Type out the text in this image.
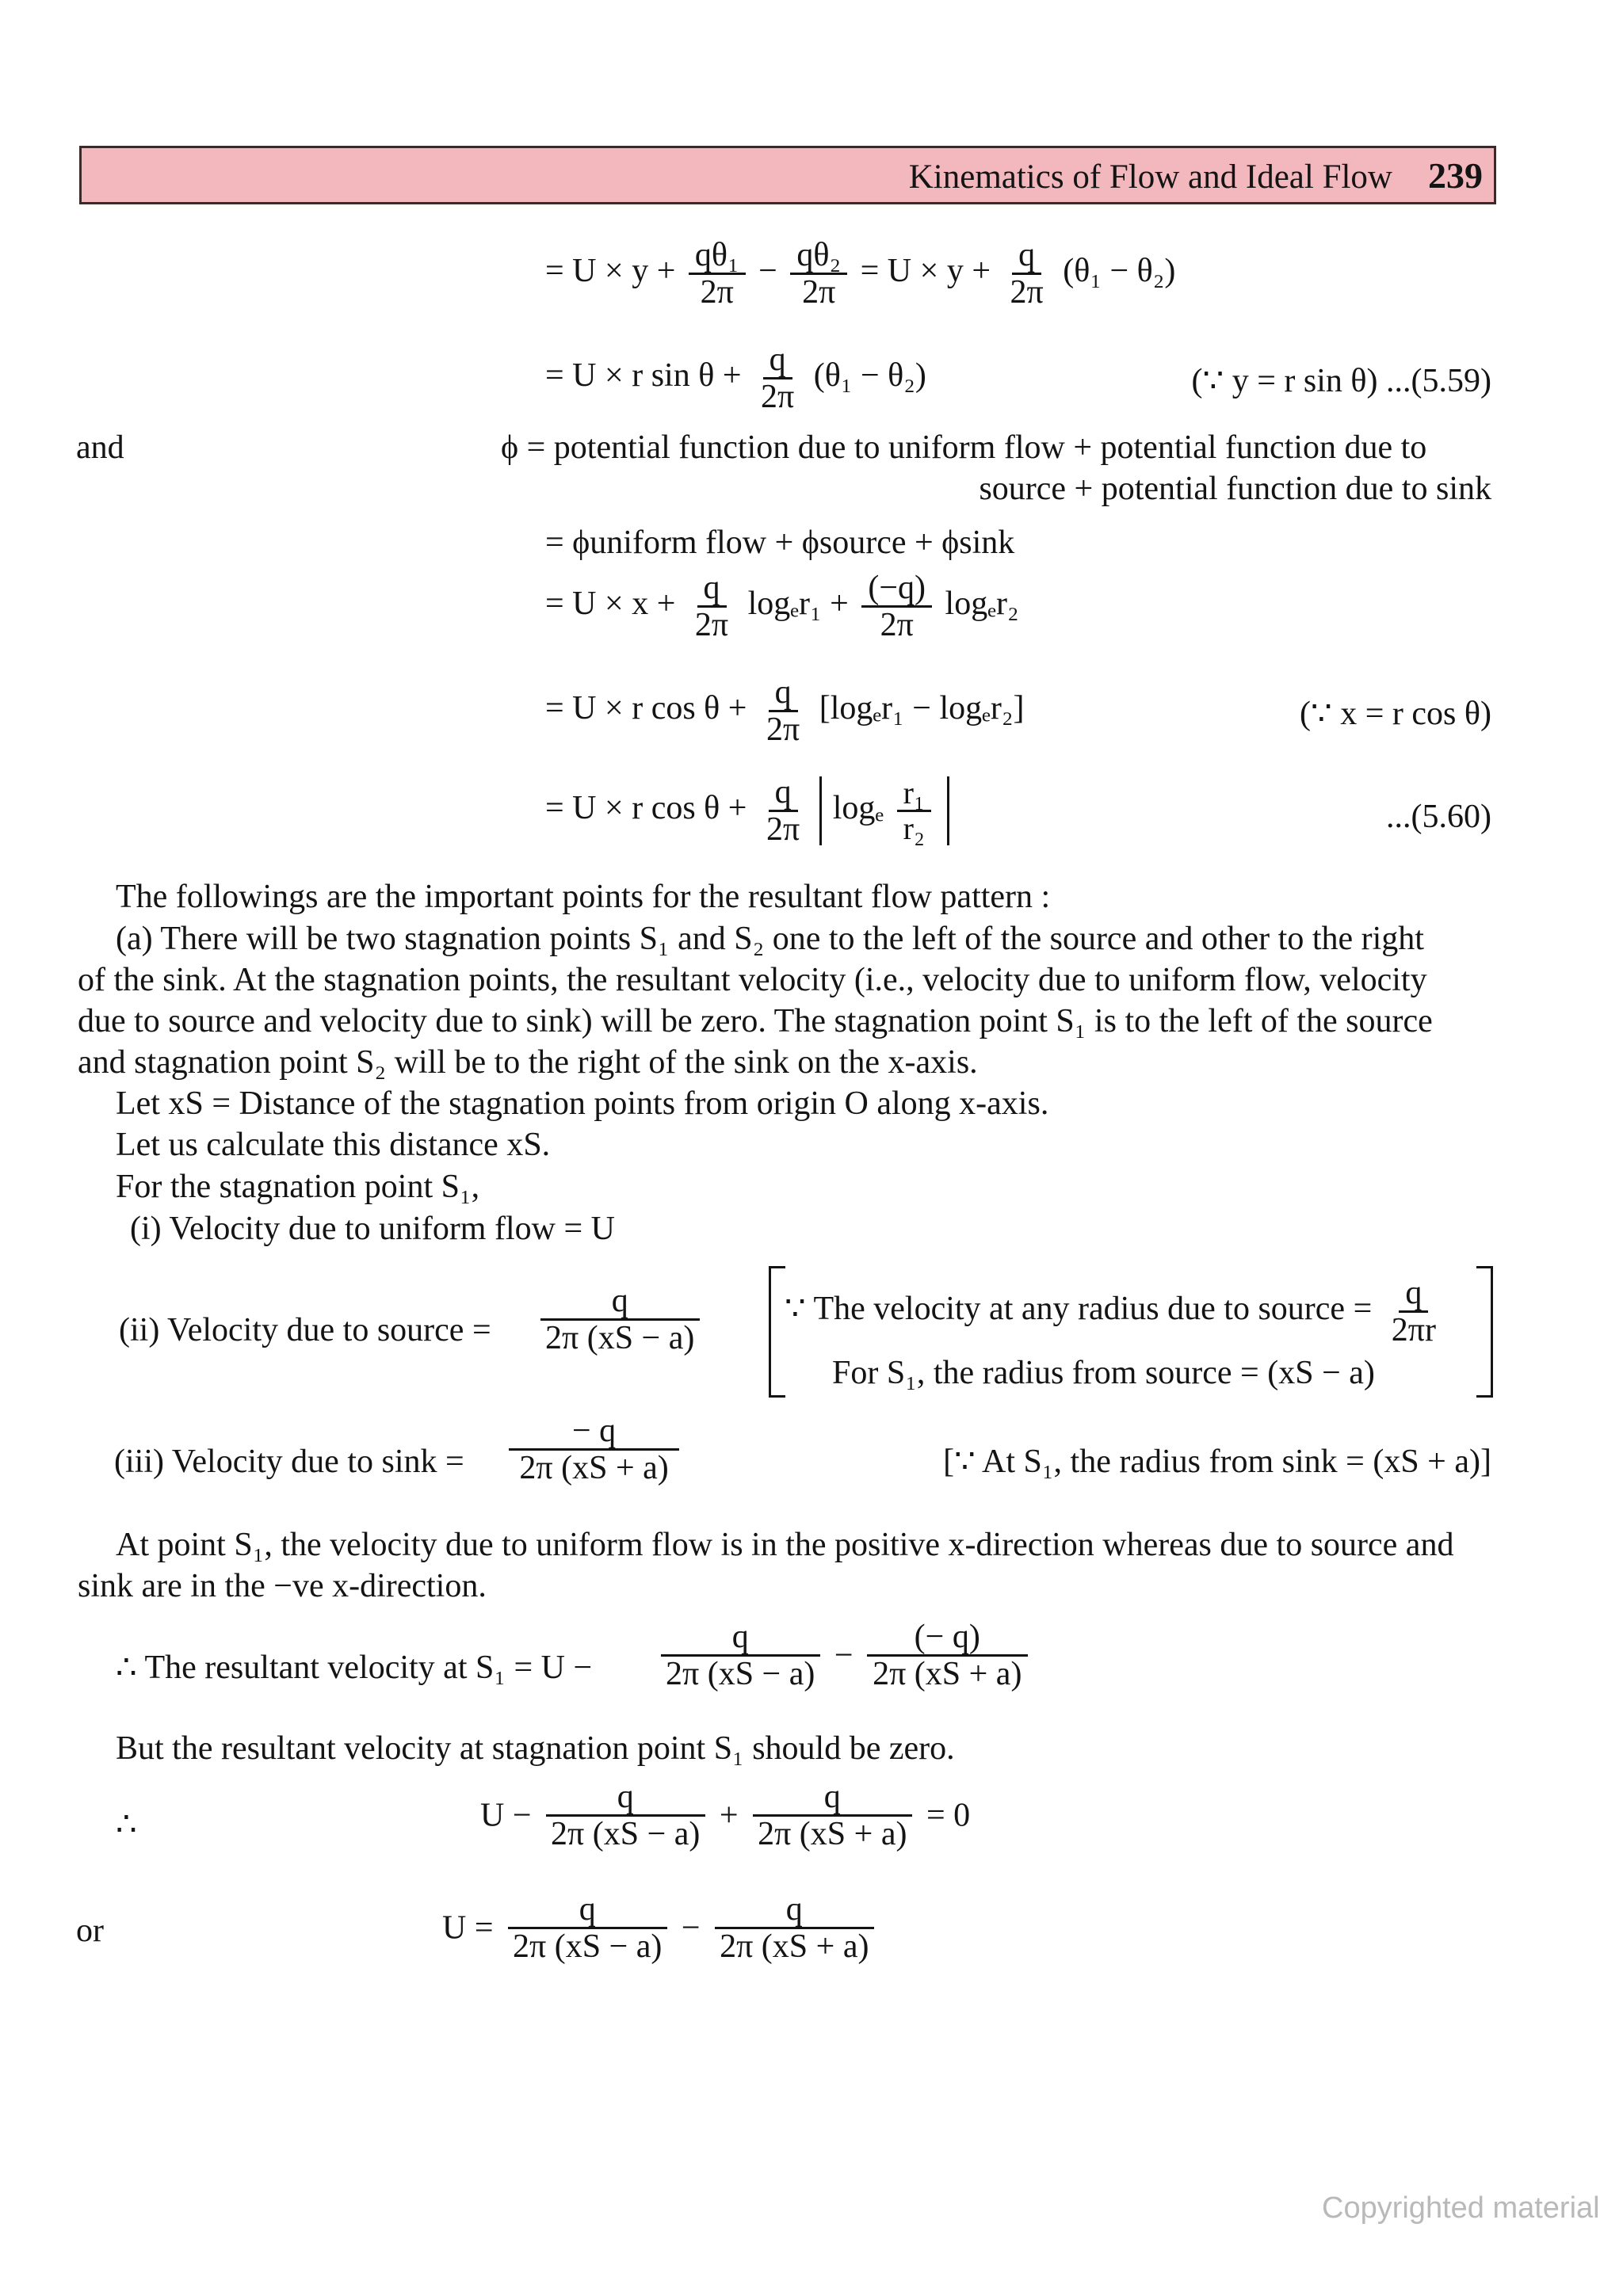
Kinematics of Flow and Ideal Flow 239
= $U \times y + \frac{\text{qθ₁}}{2\pi} - \frac{\text{qθ₂}}{2\pi} = U \times y + \frac{q}{2\pi} (\theta_1 - \theta_2)$
= U × r $\sin \theta + \frac{q}{2\pi} (\theta_1 - \theta_2)$	(∵ y = r sin θ) ...(5.59)
and	ϕ = potential function due to uniform flow + potential function due to
source + potential function due to sink
= ϕuniform flow + ϕsource + ϕsink
= $U \times x + \frac{q}{2\pi} \log_er_1 + \frac{(-q)}{2\pi} \log_er_2$
= U × r $\cos \theta + \frac{q}{2\pi} [\log_er_1 - \log_er_2]$	(∵ x = r cos θ)
= U × r $\cos \theta + \frac{q}{2\pi}$ logₑ $\frac{\text{r₁}}{\text{r₂}}$	...(5.60)
The followings are the important points for the resultant flow pattern :
(a) There will be two stagnation points S₁ and S₂ one to the left of the source and other to the right
of the sink. At the stagnation points, the resultant velocity (i.e., velocity due to uniform flow, velocity
due to source and velocity due to sink) will be zero. The stagnation point S₁ is to the left of the source
and stagnation point S₂ will be to the right of the sink on the x-axis.
Let xS = Distance of the stagnation points from origin O along x-axis.
Let us calculate this distance xS.
For the stagnation point S₁,
(i) Velocity due to uniform flow = U
(ii) Velocity due to source = $\frac{q}{2\pi (xS - a)}$	∵ The velocity at any radius due to source = $\frac{q}{2\pi r}$
For S₁, the radius from source = (xS − a)
(iii) Velocity due to $\sin k = \frac{- q}{2\pi (xS + a)}$	[∵ At S₁, the radius from sink = (xS + a)]
At point S₁, the velocity due to uniform flow is in the positive x-direction whereas due to source and
sink are in the −ve x-direction.
∴ The resultant velocity at $S_1 = U - \frac{q}{2\pi (xS - a)} - \frac{(- q)}{2\pi (xS + a)}$
But the resultant velocity at stagnation point S₁ should be zero.
∴	$U - \frac{q}{2\pi (xS - a)} + \frac{q}{2\pi (xS + a)} = 0$
or	$U = \frac{q}{2\pi (xS - a)} - \frac{q}{2\pi (xS + a)}$
Copyrighted material
